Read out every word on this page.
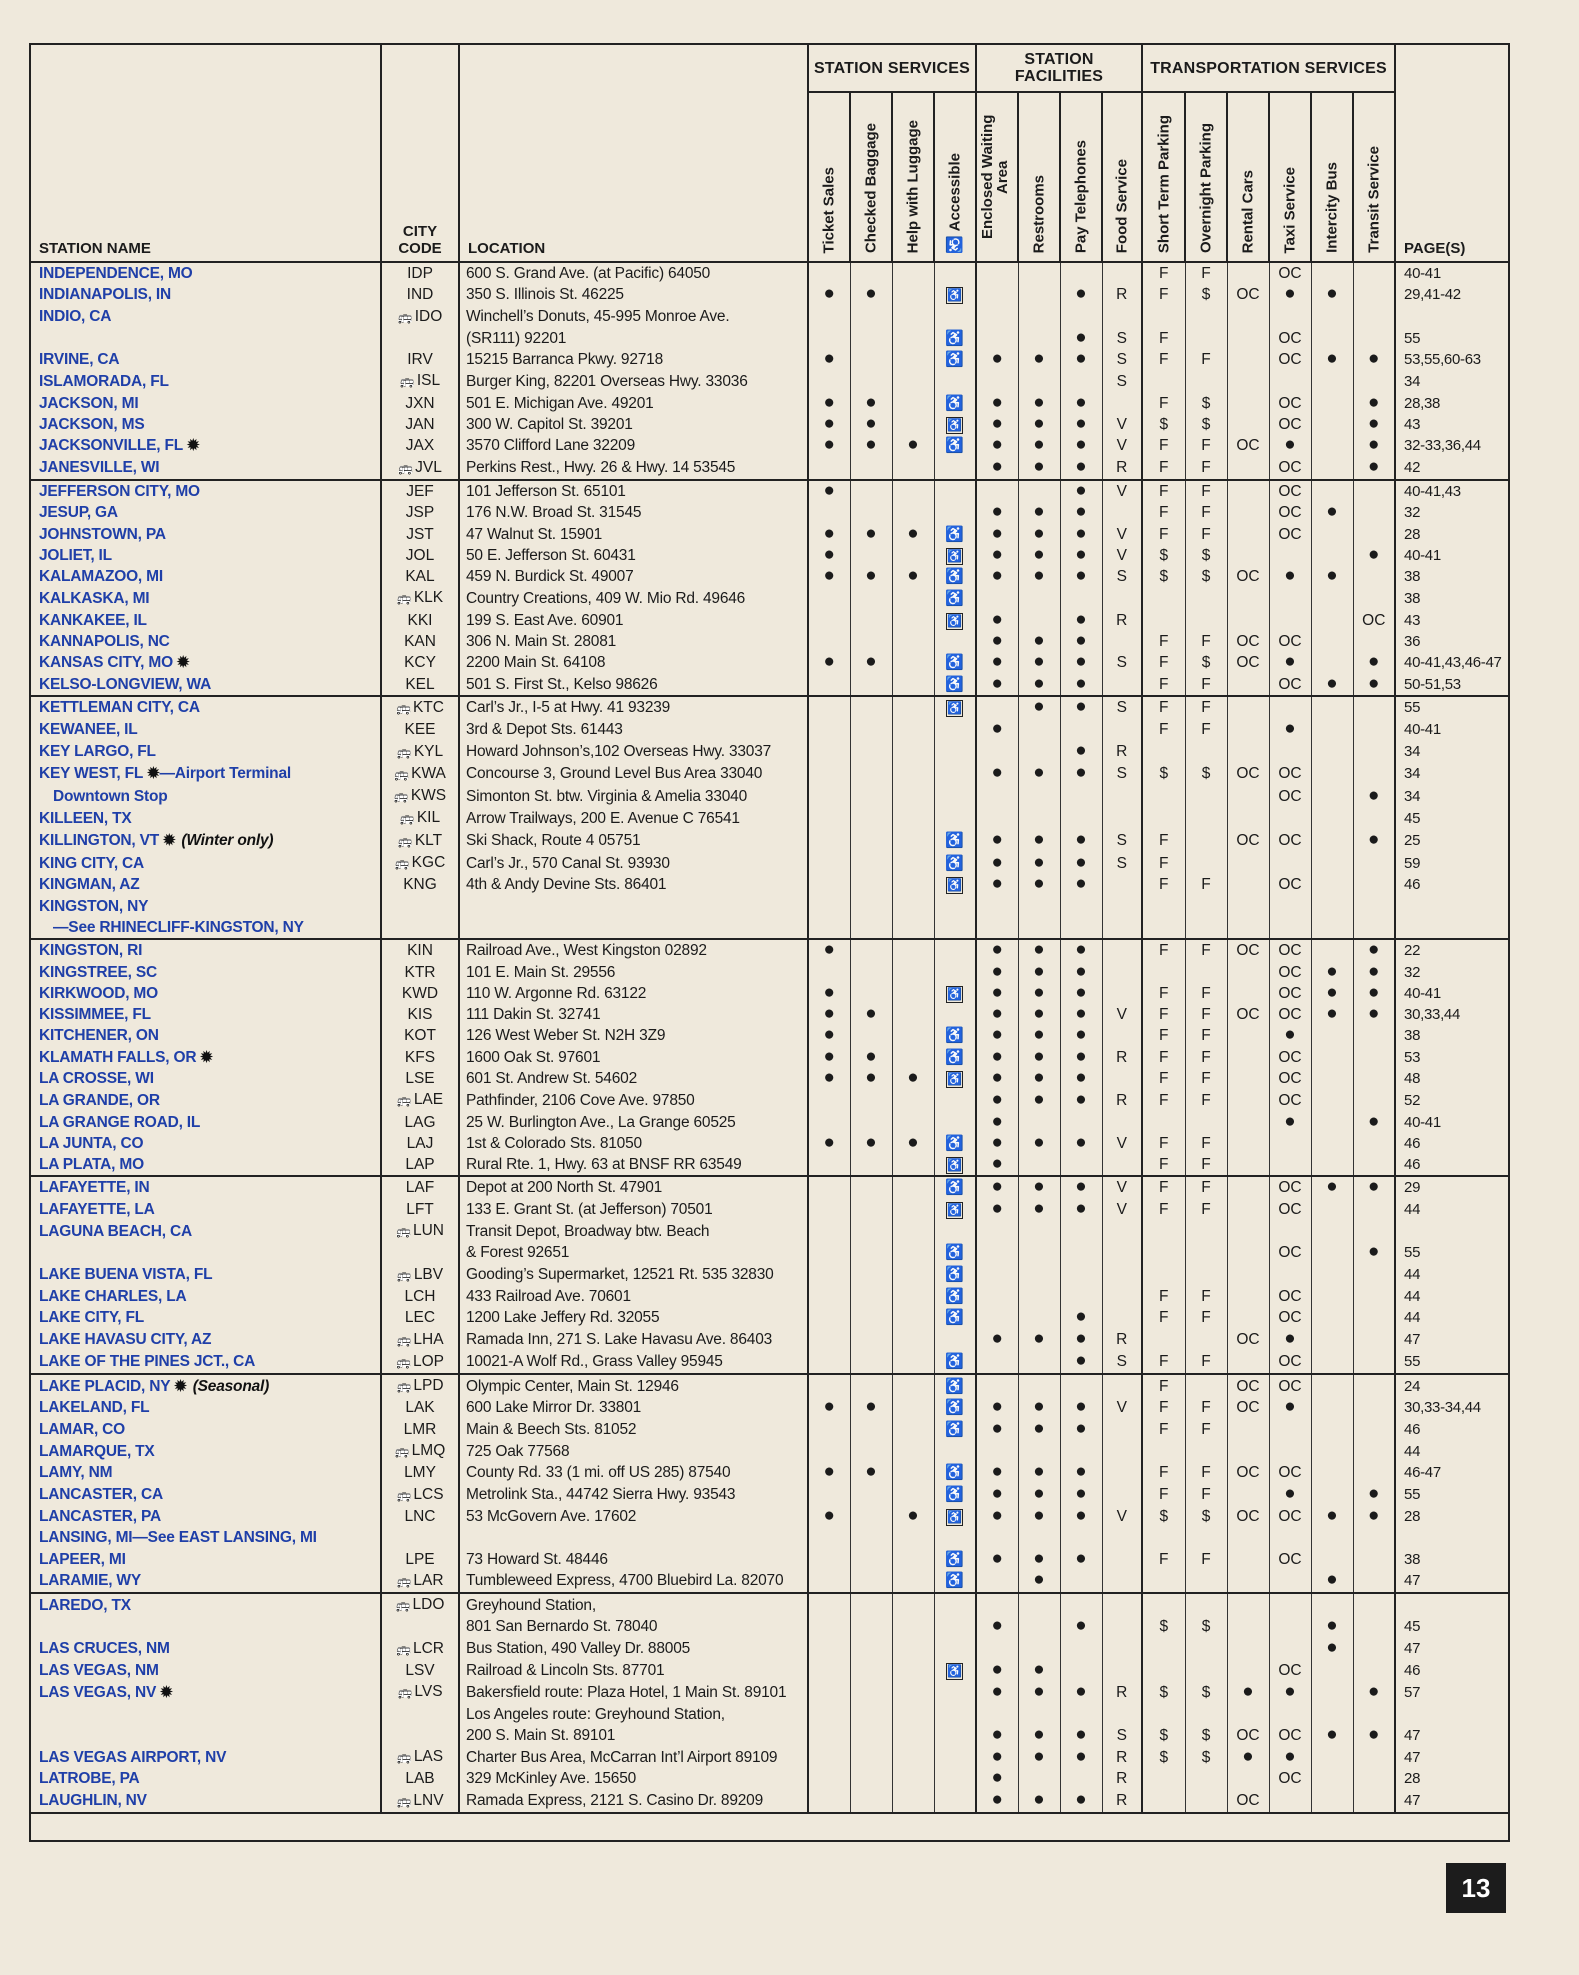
STATION NAME	CITY CODE	LOCATION	STATION SERVICES				STATION FACILITIES				TRANSPORTATION SERVICES						PAGE(S)

			Ticket Sales	Checked Baggage	Help with Luggage	♿ Accessible	Enclosed Waiting Area	Restrooms	Pay Telephones	Food Service	Short Term Parking	Overnight Parking	Rental Cars	Taxi Service	Intercity Bus	Transit Service	

INDEPENDENCE, MO	IDP	600 S. Grand Ave. (at Pacific) 64050									F	F		OC			40-41
INDIANAPOLIS, IN	IND	350 S. Illinois St. 46225	●	●		♿			●	R	F	$	OC	●	●		29,41-42
INDIO, CA	🚌 IDO	Winchell’s Donuts, 45-995 Monroe Ave.															
		(SR111) 92201				♿			●	S	F			OC			55
IRVINE, CA	IRV	15215 Barranca Pkwy. 92718	●			♿	●	●	●	S	F	F		OC	●	●	53,55,60-63
ISLAMORADA, FL	🚌 ISL	Burger King, 82201 Overseas Hwy. 33036								S							34
JACKSON, MI	JXN	501 E. Michigan Ave. 49201	●	●		♿	●	●	●		F	$		OC		●	28,38
JACKSON, MS	JAN	300 W. Capitol St. 39201	●	●		♿	●	●	●	V	$	$		OC		●	43
JACKSONVILLE, FL ✹	JAX	3570 Clifford Lane 32209	●	●	●	♿	●	●	●	V	F	F	OC	●		●	32-33,36,44
JANESVILLE, WI	🚌 JVL	Perkins Rest., Hwy. 26 & Hwy. 14 53545					●	●	●	R	F	F		OC		●	42
JEFFERSON CITY, MO	JEF	101 Jefferson St. 65101	●						●	V	F	F		OC			40-41,43
JESUP, GA	JSP	176 N.W. Broad St. 31545					●	●	●		F	F		OC	●		32
JOHNSTOWN, PA	JST	47 Walnut St. 15901	●	●	●	♿	●	●	●	V	F	F		OC			28
JOLIET, IL	JOL	50 E. Jefferson St. 60431	●			♿	●	●	●	V	$	$				●	40-41
KALAMAZOO, MI	KAL	459 N. Burdick St. 49007	●	●	●	♿	●	●	●	S	$	$	OC	●	●		38
KALKASKA, MI	🚌 KLK	Country Creations, 409 W. Mio Rd. 49646				♿											38
KANKAKEE, IL	KKI	199 S. East Ave. 60901				♿	●		●	R						OC	43
KANNAPOLIS, NC	KAN	306 N. Main St. 28081					●	●	●		F	F	OC	OC			36
KANSAS CITY, MO ✹	KCY	2200 Main St. 64108	●	●		♿	●	●	●	S	F	$	OC	●		●	40-41,43,46-47
KELSO-LONGVIEW, WA	KEL	501 S. First St., Kelso 98626				♿	●	●	●		F	F		OC	●	●	50-51,53
KETTLEMAN CITY, CA	🚌 KTC	Carl’s Jr., I-5 at Hwy. 41 93239				♿		●	●	S	F	F					55
KEWANEE, IL	KEE	3rd & Depot Sts. 61443					●				F	F		●			40-41
KEY LARGO, FL	🚌 KYL	Howard Johnson’s,102 Overseas Hwy. 33037							●	R							34
KEY WEST, FL ✹—Airport Terminal	🚌 KWA	Concourse 3, Ground Level Bus Area 33040					●	●	●	S	$	$	OC	OC			34
Downtown Stop	🚌 KWS	Simonton St. btw. Virginia & Amelia 33040												OC		●	34
KILLEEN, TX	🚌 KIL	Arrow Trailways, 200 E. Avenue C 76541															45
KILLINGTON, VT ✹ (Winter only)	🚌 KLT	Ski Shack, Route 4 05751				♿	●	●	●	S	F		OC	OC		●	25
KING CITY, CA	🚌 KGC	Carl’s Jr., 570 Canal St. 93930				♿	●	●	●	S	F						59
KINGMAN, AZ	KNG	4th & Andy Devine Sts. 86401				♿	●	●	●		F	F		OC			46
KINGSTON, NY																	
—See RHINECLIFF-KINGSTON, NY																	
KINGSTON, RI	KIN	Railroad Ave., West Kingston 02892	●				●	●	●		F	F	OC	OC		●	22
KINGSTREE, SC	KTR	101 E. Main St. 29556					●	●	●					OC	●	●	32
KIRKWOOD, MO	KWD	110 W. Argonne Rd. 63122	●			♿	●	●	●		F	F		OC	●	●	40-41
KISSIMMEE, FL	KIS	111 Dakin St. 32741	●	●			●	●	●	V	F	F	OC	OC	●	●	30,33,44
KITCHENER, ON	KOT	126 West Weber St. N2H 3Z9	●			♿	●	●	●		F	F		●			38
KLAMATH FALLS, OR ✹	KFS	1600 Oak St. 97601	●	●		♿	●	●	●	R	F	F		OC			53
LA CROSSE, WI	LSE	601 St. Andrew St. 54602	●	●	●	♿	●	●	●		F	F		OC			48
LA GRANDE, OR	🚌 LAE	Pathfinder, 2106 Cove Ave. 97850					●	●	●	R	F	F		OC			52
LA GRANGE ROAD, IL	LAG	25 W. Burlington Ave., La Grange 60525					●							●		●	40-41
LA JUNTA, CO	LAJ	1st & Colorado Sts. 81050	●	●	●	♿	●	●	●	V	F	F					46
LA PLATA, MO	LAP	Rural Rte. 1, Hwy. 63 at BNSF RR 63549				♿	●				F	F					46
LAFAYETTE, IN	LAF	Depot at 200 North St. 47901				♿	●	●	●	V	F	F		OC	●	●	29
LAFAYETTE, LA	LFT	133 E. Grant St. (at Jefferson) 70501				♿	●	●	●	V	F	F		OC			44
LAGUNA BEACH, CA	🚌 LUN	Transit Depot, Broadway btw. Beach															
		& Forest 92651				♿								OC		●	55
LAKE BUENA VISTA, FL	🚌 LBV	Gooding’s Supermarket, 12521 Rt. 535 32830				♿											44
LAKE CHARLES, LA	LCH	433 Railroad Ave. 70601				♿					F	F		OC			44
LAKE CITY, FL	LEC	1200 Lake Jeffery Rd. 32055				♿			●		F	F		OC			44
LAKE HAVASU CITY, AZ	🚌 LHA	Ramada Inn, 271 S. Lake Havasu Ave. 86403					●	●	●	R			OC	●			47
LAKE OF THE PINES JCT., CA	🚌 LOP	10021-A Wolf Rd., Grass Valley 95945				♿			●	S	F	F		OC			55
LAKE PLACID, NY ✹ (Seasonal)	🚌 LPD	Olympic Center, Main St. 12946				♿					F		OC	OC			24
LAKELAND, FL	LAK	600 Lake Mirror Dr. 33801	●	●		♿	●	●	●	V	F	F	OC	●			30,33-34,44
LAMAR, CO	LMR	Main & Beech Sts. 81052				♿	●	●	●		F	F					46
LAMARQUE, TX	🚌 LMQ	725 Oak 77568															44
LAMY, NM	LMY	County Rd. 33 (1 mi. off US 285) 87540	●	●		♿	●	●	●		F	F	OC	OC			46-47
LANCASTER, CA	🚌 LCS	Metrolink Sta., 44742 Sierra Hwy. 93543				♿	●	●	●		F	F		●		●	55
LANCASTER, PA	LNC	53 McGovern Ave. 17602	●		●	♿	●	●	●	V	$	$	OC	OC	●	●	28
LANSING, MI—See EAST LANSING, MI																	
LAPEER, MI	LPE	73 Howard St. 48446				♿	●	●	●		F	F		OC			38
LARAMIE, WY	🚌 LAR	Tumbleweed Express, 4700 Bluebird La. 82070				♿		●							●		47
LAREDO, TX	🚌 LDO	Greyhound Station,															
		801 San Bernardo St. 78040					●		●		$	$			●		45
LAS CRUCES, NM	🚌 LCR	Bus Station, 490 Valley Dr. 88005													●		47
LAS VEGAS, NM	LSV	Railroad & Lincoln Sts. 87701				♿	●	●						OC			46
LAS VEGAS, NV ✹	🚌 LVS	Bakersfield route: Plaza Hotel, 1 Main St. 89101					●	●	●	R	$	$	●	●		●	57
		Los Angeles route: Greyhound Station,															
		200 S. Main St. 89101					●	●	●	S	$	$	OC	OC	●	●	47
LAS VEGAS AIRPORT, NV	🚌 LAS	Charter Bus Area, McCarran Int’l Airport 89109					●	●	●	R	$	$	●	●			47
LATROBE, PA	LAB	329 McKinley Ave. 15650					●			R				OC			28
LAUGHLIN, NV	🚌 LNV	Ramada Express, 2121 S. Casino Dr. 89209					●	●	●	R			OC				47
13
